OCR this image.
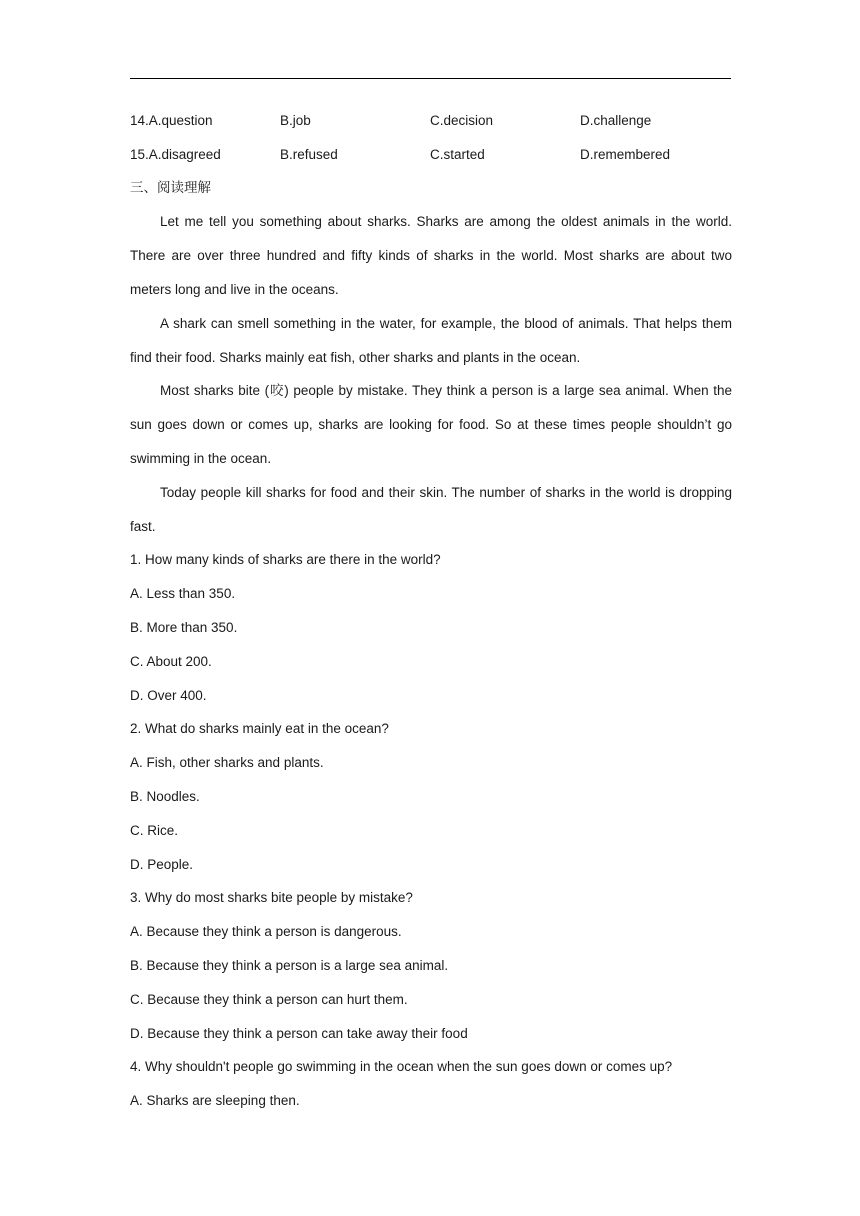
14.A.question	B.job	C.decision	D.challenge
15.A.disagreed	B.refused	C.started	D.remembered
三、阅读理解

Let me tell you something about sharks. Sharks are among the oldest animals in the world. There are over three hundred and fifty kinds of sharks in the world. Most sharks are about two meters long and live in the oceans.

A shark can smell something in the water, for example, the blood of animals. That helps them find their food. Sharks mainly eat fish, other sharks and plants in the ocean.

Most sharks bite (咬) people by mistake. They think a person is a large sea animal. When the sun goes down or comes up, sharks are looking for food. So at these times people shouldn’t go swimming in the ocean.

Today people kill sharks for food and their skin. The number of sharks in the world is dropping fast.

1. How many kinds of sharks are there in the world?
A. Less than 350.
B. More than 350.
C. About 200.
D. Over 400.
2. What do sharks mainly eat in the ocean?
A. Fish, other sharks and plants.
B. Noodles.
C. Rice.
D. People.
3. Why do most sharks bite people by mistake?
A. Because they think a person is dangerous.
B. Because they think a person is a large sea animal.
C. Because they think a person can hurt them.
D. Because they think a person can take away their food
4. Why shouldn't people go swimming in the ocean when the sun goes down or comes up?
A. Sharks are sleeping then.
